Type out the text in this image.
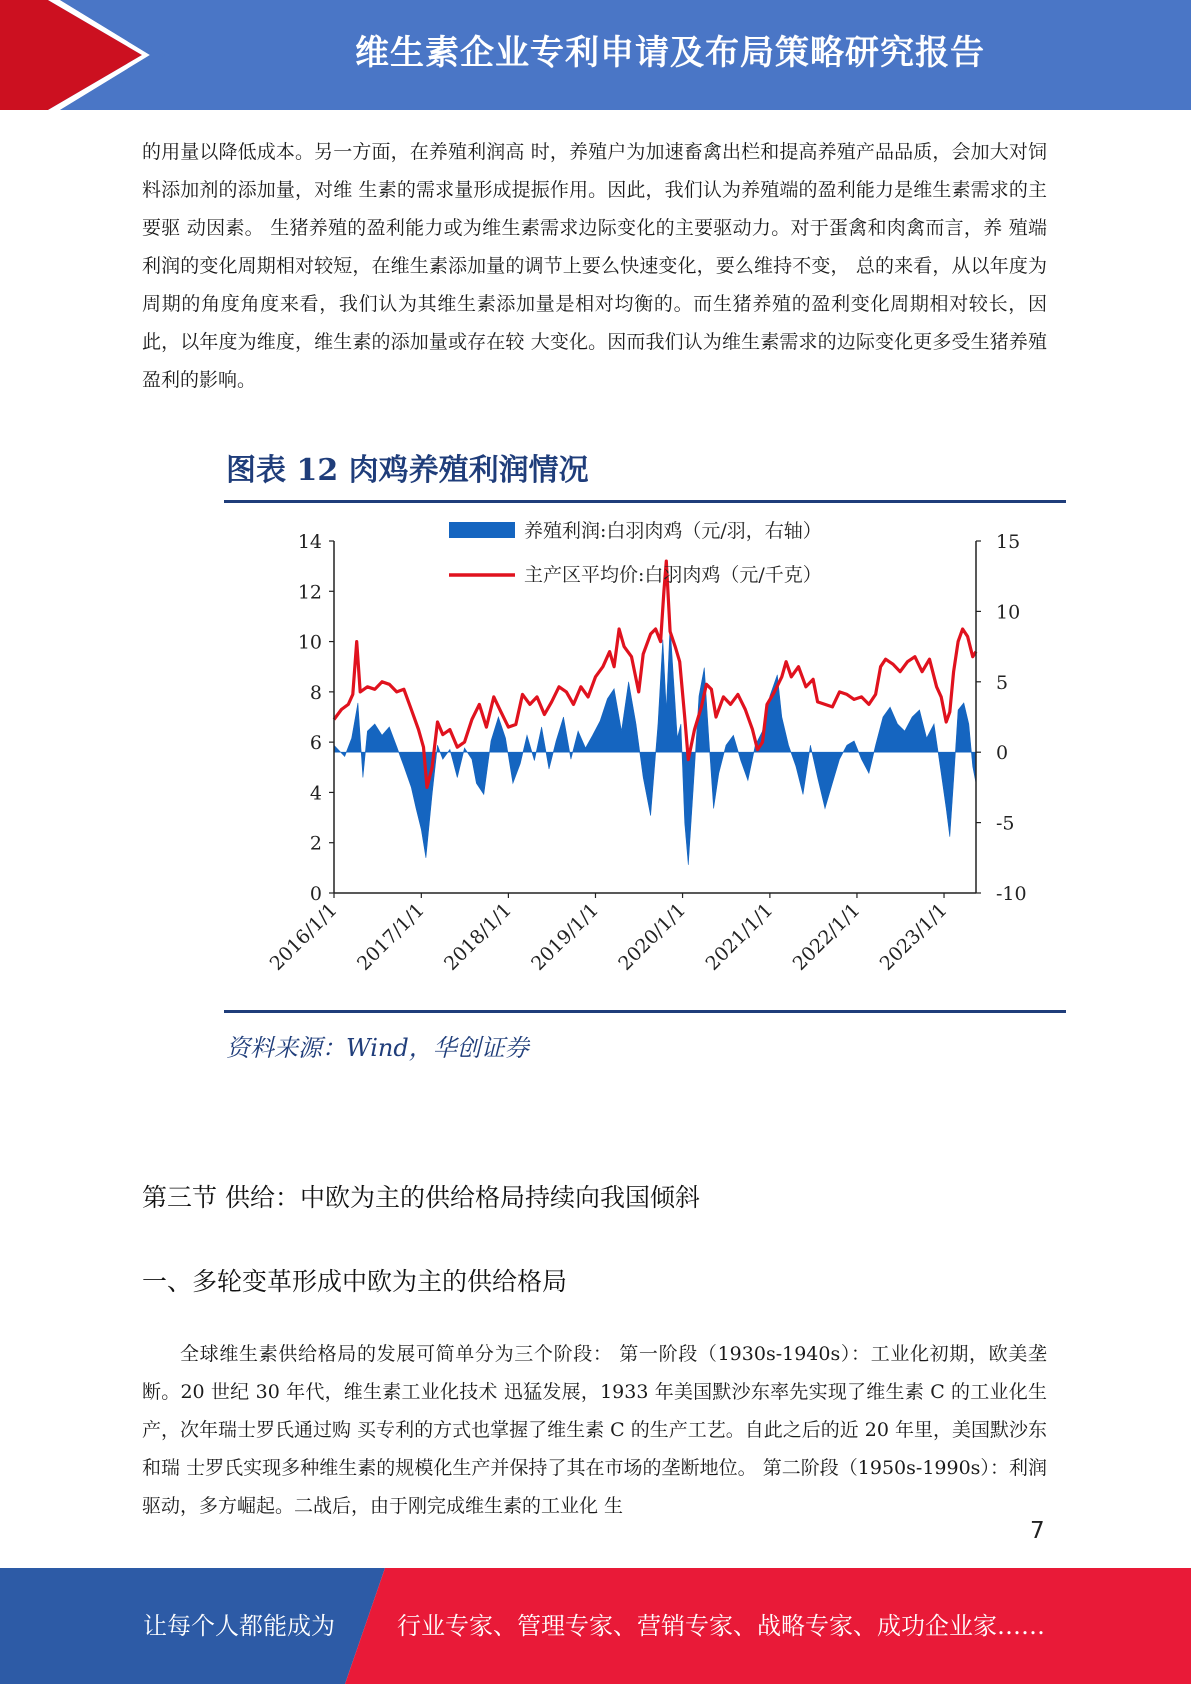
维生素企业专利申请及布局策略研究报告

的用量以降低成本。另一方面，在养殖利润高 时，养殖户为加速畜禽出栏和提高养殖产品品质，会加大对饲料添加剂的添加量，对维 生素的需求量形成提振作用。因此，我们认为养殖端的盈利能力是维生素需求的主要驱 动因素。 生猪养殖的盈利能力或为维生素需求边际变化的主要驱动力。对于蛋禽和肉禽而言，养 殖端利润的变化周期相对较短，在维生素添加量的调节上要么快速变化，要么维持不变， 总的来看，从以年度为周期的角度角度来看，我们认为其维生素添加量是相对均衡的。而生猪养殖的盈利变化周期相对较长，因此，以年度为维度，维生素的添加量或存在较 大变化。因而我们认为维生素需求的边际变化更多受生猪养殖盈利的影响。

图表 12 肉鸡养殖利润情况
0
2
4
6
8
10
12
14
-10
-5
0
5
10
15
2016/1/1 2017/1/1 2018/1/1 2019/1/1 2020/1/1 2021/1/1 2022/1/1 2023/1/1
养殖利润:白羽肉鸡（元/羽，右轴）
主产区平均价:白羽肉鸡（元/千克）
资料来源：Wind，华创证券
第三节 供给：中欧为主的供给格局持续向我国倾斜
一、多轮变革形成中欧为主的供给格局

全球维生素供给格局的发展可简单分为三个阶段： 第一阶段（1930s-1940s）：工业化初期，欧美垄断。20 世纪 30 年代，维生素工业化技术 迅猛发展，1933 年美国默沙东率先实现了维生素 C 的工业化生产，次年瑞士罗氏通过购 买专利的方式也掌握了维生素 C 的生产工艺。自此之后的近 20 年里，美国默沙东和瑞 士罗氏实现多种维生素的规模化生产并保持了其在市场的垄断地位。 第二阶段（1950s-1990s）：利润驱动，多方崛起。二战后，由于刚完成维生素的工业化 生

7
让每个人都能成为	行业专家、管理专家、营销专家、战略专家、成功企业家……
